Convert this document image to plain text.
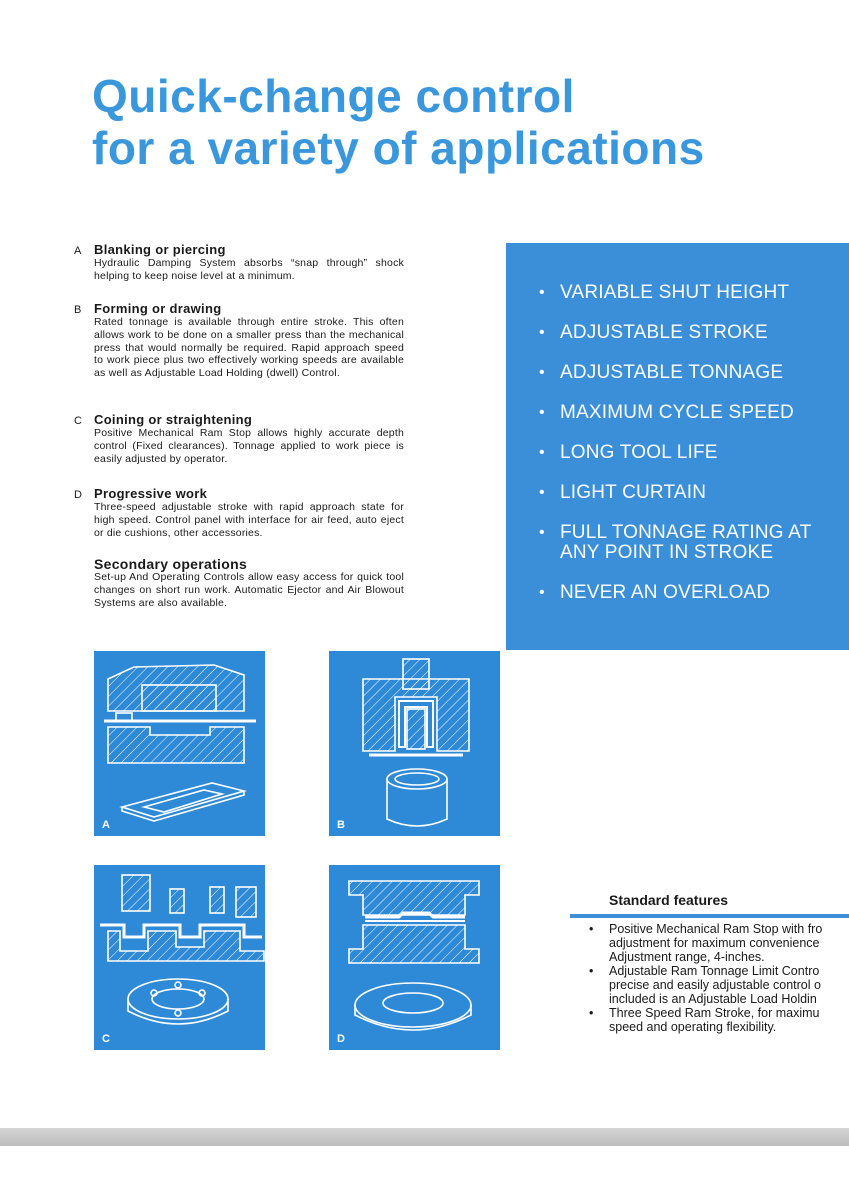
Quick-change control
for a variety of applications
A Blanking or piercing

Hydraulic Damping System absorbs “snap through” shock helping to keep noise level at a minimum.

B Forming or drawing

Rated tonnage is available through entire stroke. This often allows work to be done on a smaller press than the mechanical press that would normally be required. Rapid approach speed to work piece plus two effectively working speeds are available as well as Adjustable Load Holding (dwell) Control.

C Coining or straightening

Positive Mechanical Ram Stop allows highly accurate depth control (Fixed clearances). Tonnage applied to work piece is easily adjusted by operator.

D Progressive work

Three-speed adjustable stroke with rapid approach state for high speed. Control panel with interface for air feed, auto eject or die cushions, other accessories.

Secondary operations

Set-up And Operating Controls allow easy access for quick tool changes on short run work. Automatic Ejector and Air Blowout Systems are also available.

• VARIABLE SHUT HEIGHT
• ADJUSTABLE STROKE
• ADJUSTABLE TONNAGE
• MAXIMUM CYCLE SPEED
• LONG TOOL LIFE
• LIGHT CURTAIN
• FULL TONNAGE RATING AT ANY POINT IN STROKE
• NEVER AN OVERLOAD
A	B
C	D
Standard features
•	Positive Mechanical Ram Stop with fro
adjustment for maximum convenience
Adjustment range, 4-inches.
•	Adjustable Ram Tonnage Limit Contro
precise and easily adjustable control o
included is an Adjustable Load Holdin
•	Three Speed Ram Stroke, for maximu
speed and operating flexibility.
